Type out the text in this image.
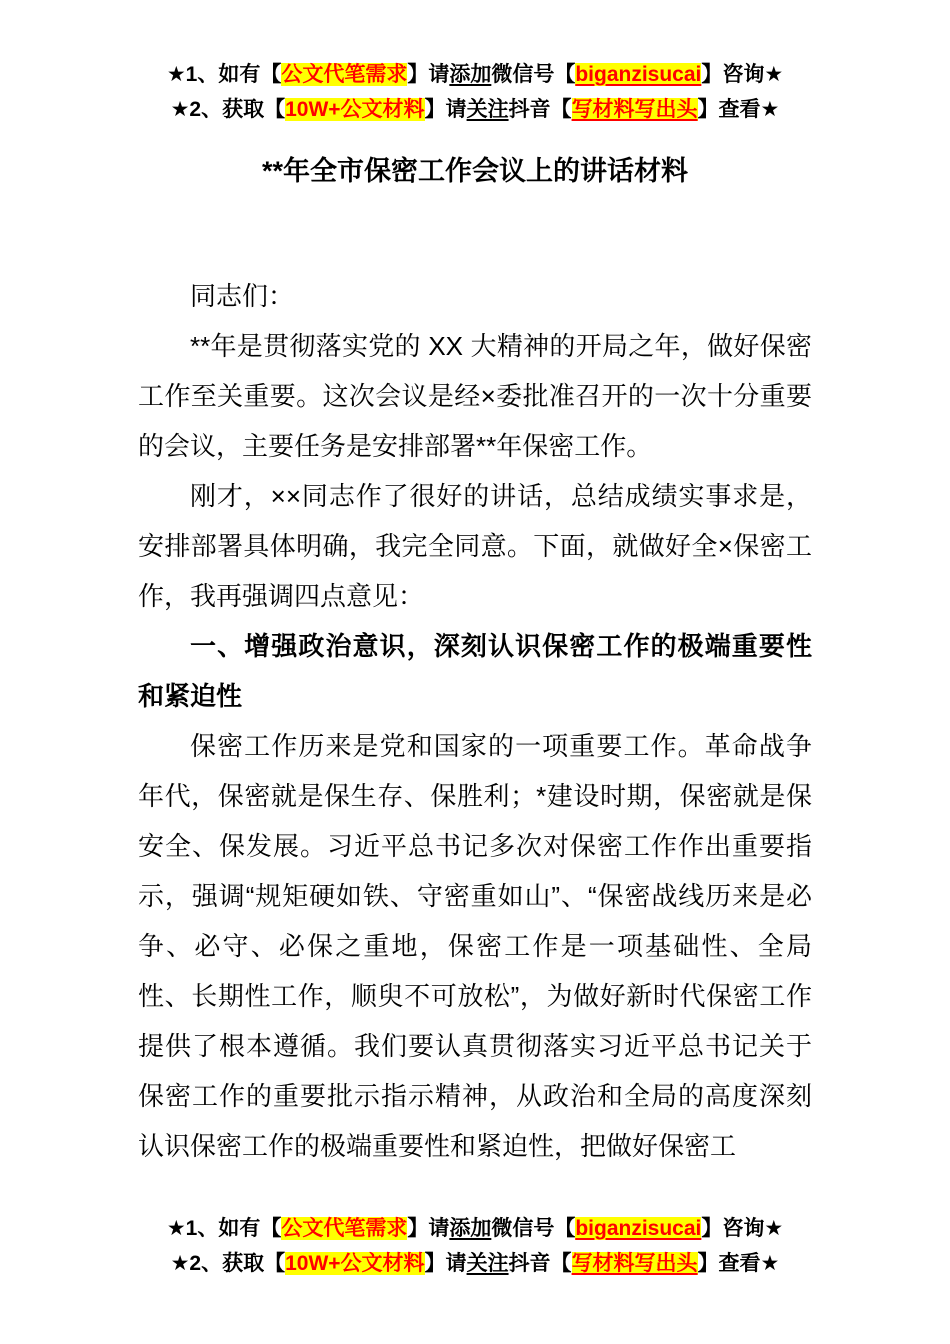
★1、如有【公文代笔需求】请添加微信号【biganzisucai】咨询★
★2、获取【10W+公文材料】请关注抖音【写材料写出头】查看★
**年全市保密工作会议上的讲话材料

同志们：

**年是贯彻落实党的 XX 大精神的开局之年，做好保密工作至关重要。这次会议是经×委批准召开的一次十分重要的会议，主要任务是安排部署**年保密工作。

刚才，××同志作了很好的讲话，总结成绩实事求是，安排部署具体明确，我完全同意。下面，就做好全×保密工作，我再强调四点意见：

一、增强政治意识，深刻认识保密工作的极端重要性和紧迫性

保密工作历来是党和国家的一项重要工作。革命战争年代，保密就是保生存、保胜利；*建设时期，保密就是保安全、保发展。习近平总书记多次对保密工作作出重要指示，强调“规矩硬如铁、守密重如山”、“保密战线历来是必争、必守、必保之重地，保密工作是一项基础性、全局性、长期性工作，顺臾不可放松”，为做好新时代保密工作提供了根本遵循。我们要认真贯彻落实习近平总书记关于保密工作的重要批示指示精神，从政治和全局的高度深刻认识保密工作的极端重要性和紧迫性，把做好保密工

★1、如有【公文代笔需求】请添加微信号【biganzisucai】咨询★
★2、获取【10W+公文材料】请关注抖音【写材料写出头】查看★
